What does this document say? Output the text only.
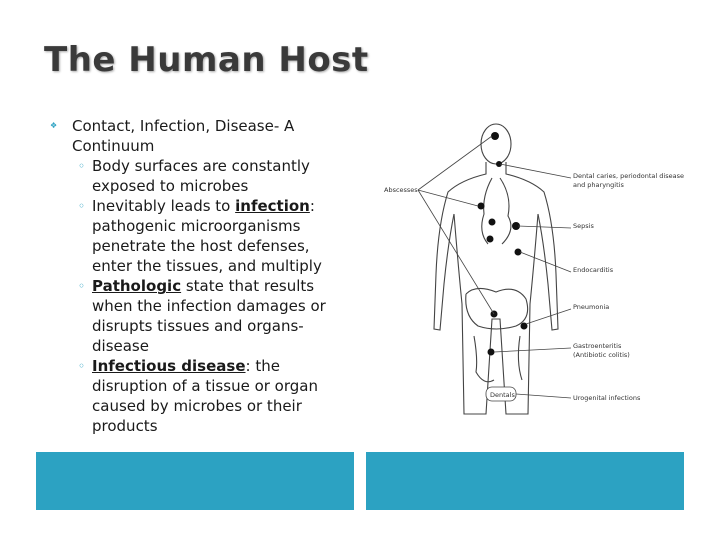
The Human Host
❖ Contact, Infection, Disease- A Continuum
◦ Body surfaces are constantly exposed to microbes
◦ Inevitably leads to infection: pathogenic microorganisms penetrate the host defenses, enter the tissues, and multiply
◦ Pathologic state that results when the infection damages or disrupts tissues and organs- disease
◦ Infectious disease: the disruption of a tissue or organ caused by microbes or their products
Abscesses
Dental caries, periodontal disease
and pharyngitis
Sepsis
Endocarditis
Pneumonia
Gastroenteritis
(Antibiotic colitis)
Urogenital infections
Dentals
